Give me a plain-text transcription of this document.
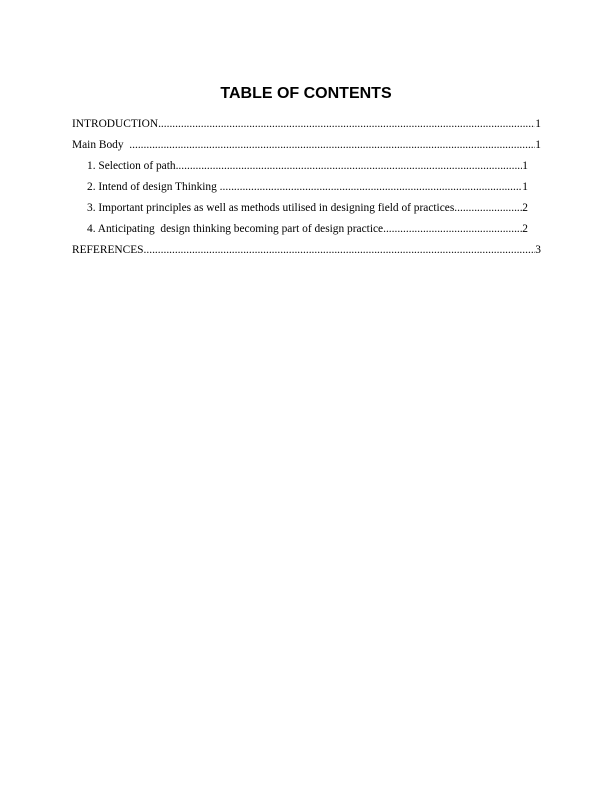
TABLE OF CONTENTS
INTRODUCTION .....	1
Main Body .....	1
1. Selection of path .....	1
2. Intend of design Thinking .....	1
3. Important principles as well as methods utilised in designing field of practices. .....	2
4. Anticipating  design thinking becoming part of design practice. .....	2
REFERENCES .....	3
